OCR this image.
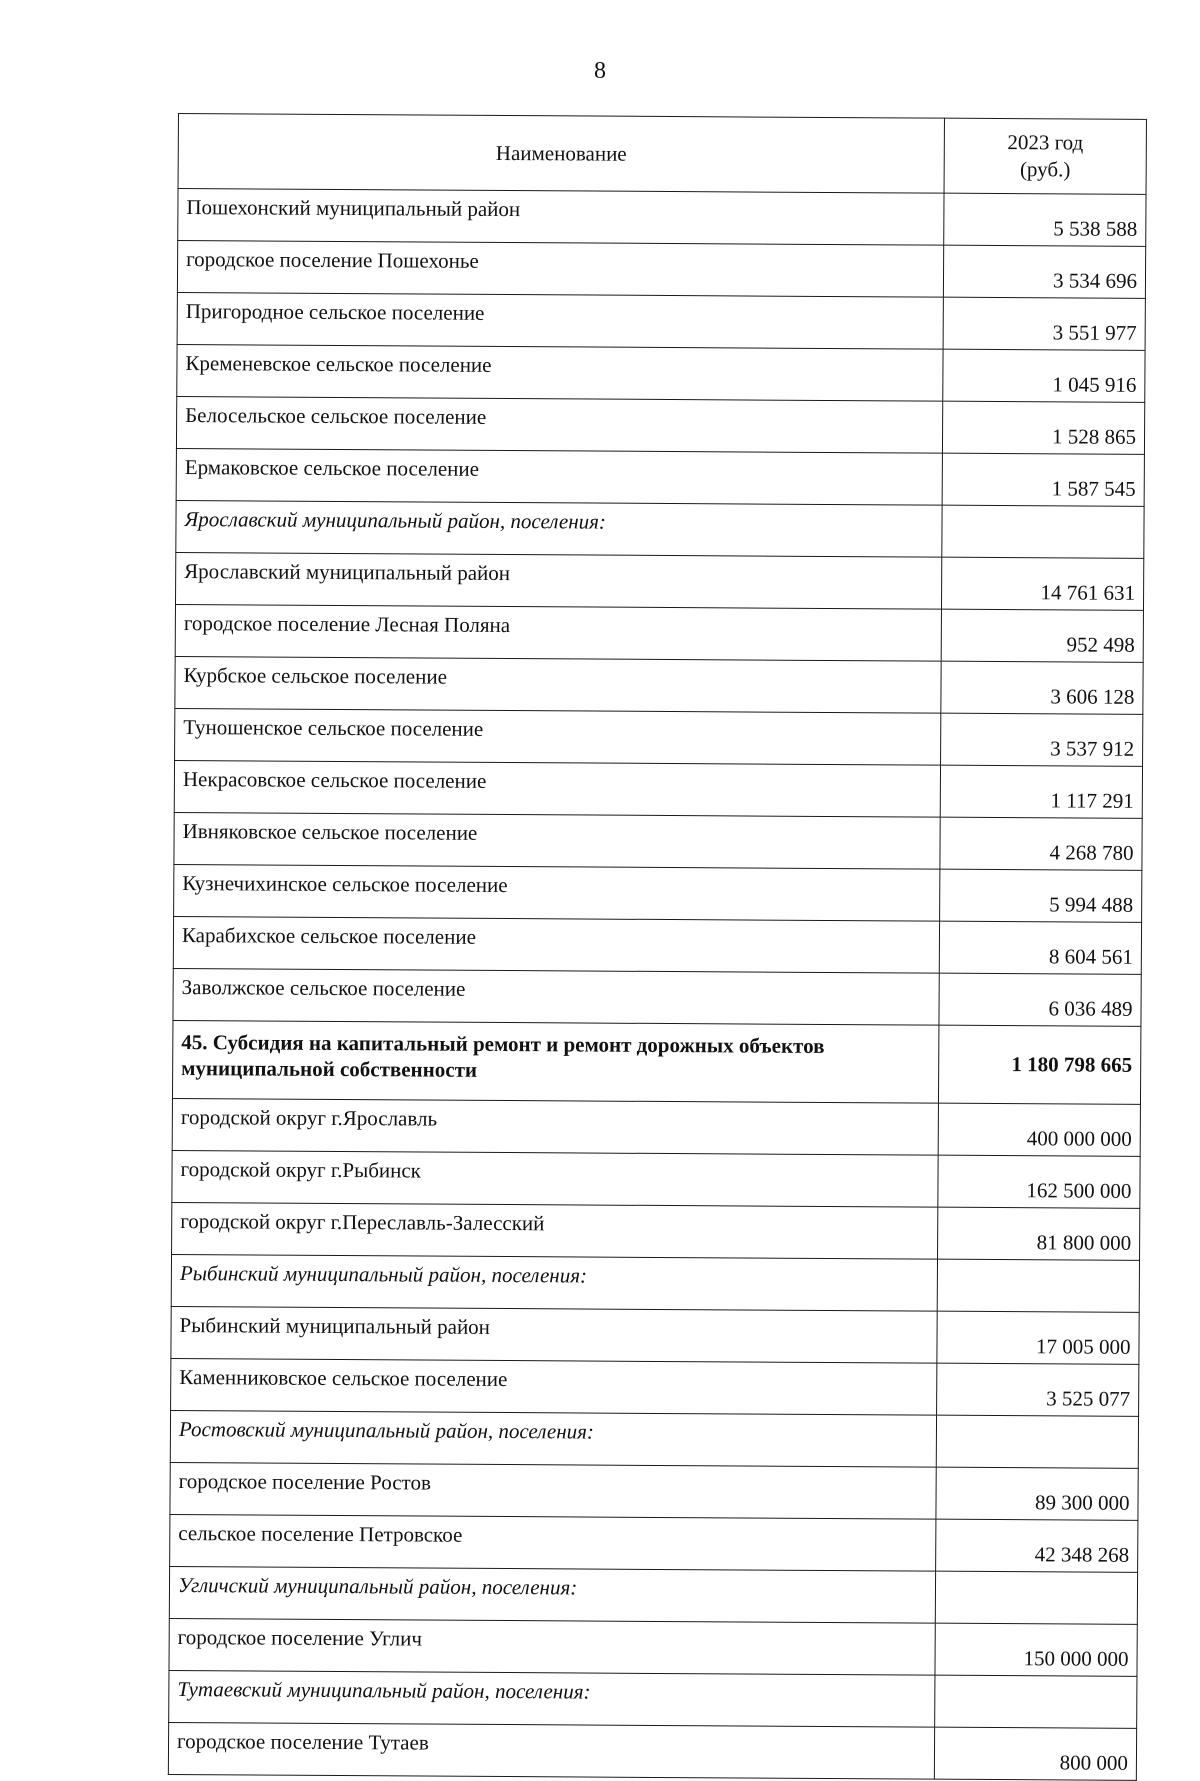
8
Наименование	2023 год
(руб.)
Пошехонский муниципальный район	5 538 588
городское поселение Пошехонье	3 534 696
Пригородное сельское поселение	3 551 977
Кременевское сельское поселение	1 045 916
Белосельское сельское поселение	1 528 865
Ермаковское сельское поселение	1 587 545
Ярославский муниципальный район, поселения:	
Ярославский муниципальный район	14 761 631
городское поселение Лесная Поляна	952 498
Курбское сельское поселение	3 606 128
Туношенское сельское поселение	3 537 912
Некрасовское сельское поселение	1 117 291
Ивняковское сельское поселение	4 268 780
Кузнечихинское сельское поселение	5 994 488
Карабихское сельское поселение	8 604 561
Заволжское сельское поселение	6 036 489
45. Субсидия на капитальный ремонт и ремонт дорожных объектов муниципальной собственности	1 180 798 665
городской округ г.Ярославль	400 000 000
городской округ г.Рыбинск	162 500 000
городской округ г.Переславль-Залесский	81 800 000
Рыбинский муниципальный район, поселения:	
Рыбинский муниципальный район	17 005 000
Каменниковское сельское поселение	3 525 077
Ростовский муниципальный район, поселения:	
городское поселение Ростов	89 300 000
сельское поселение Петровское	42 348 268
Угличский муниципальный район, поселения:	
городское поселение Углич	150 000 000
Тутаевский муниципальный район, поселения:	
городское поселение Тутаев	800 000
